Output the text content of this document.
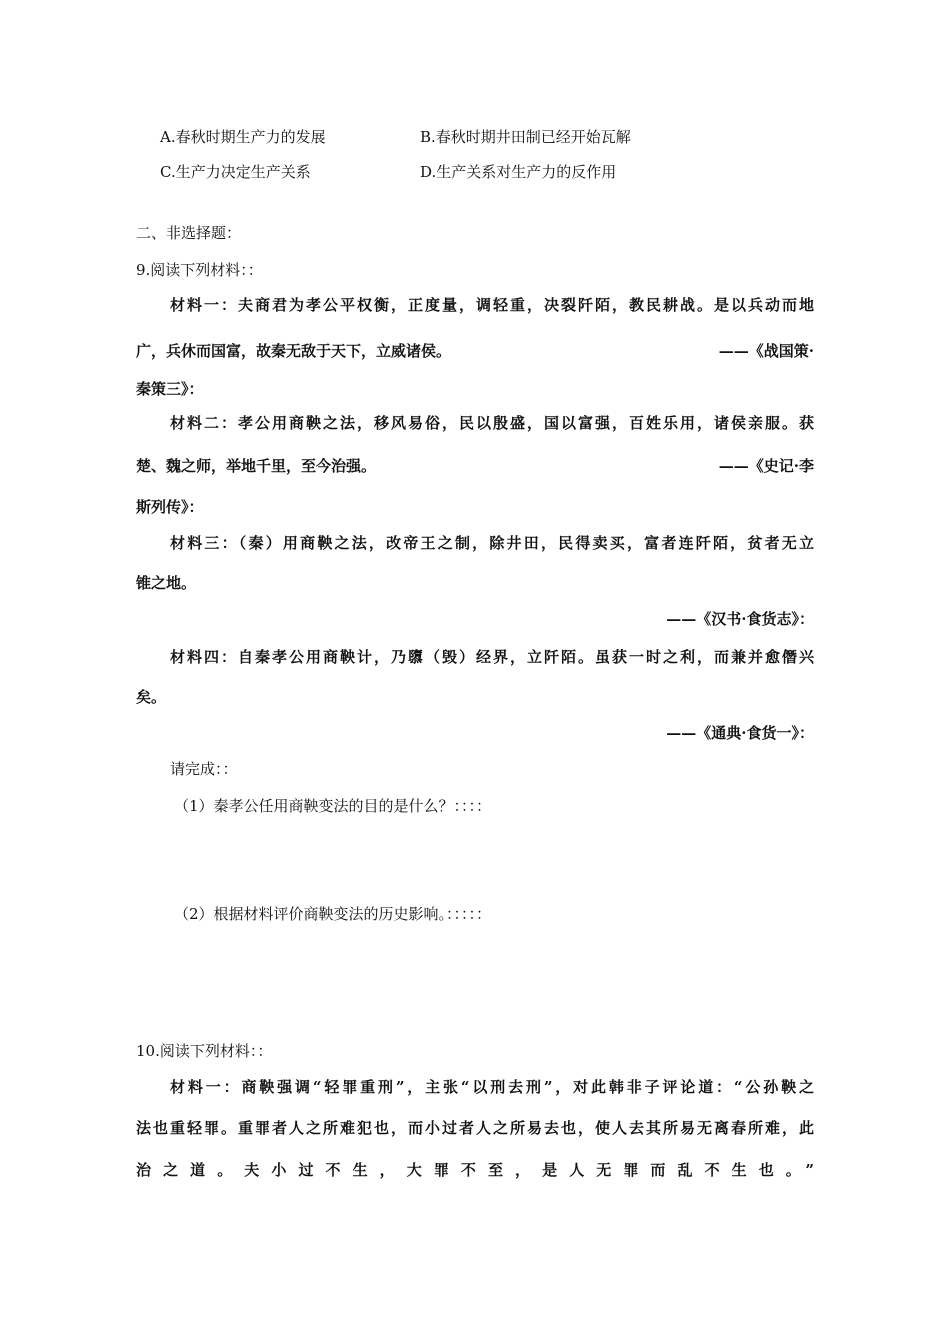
A.春秋时期生产力的发展	B.春秋时期井田制已经开始瓦解
C.生产力决定生产关系	D.生产关系对生产力的反作用
二、非选择题：
9.阅读下列材料：：
材料一：夫商君为孝公平权衡，正度量，调轻重，决裂阡陌，教民耕战。是以兵动而地
广，兵休而国富，故秦无敌于天下，立威诸侯。	——《战国策·
秦策三》：
材料二：孝公用商鞅之法，移风易俗，民以殷盛，国以富强，百姓乐用，诸侯亲服。获
楚、魏之师，举地千里，至今治强。	——《史记·李
斯列传》：
材料三：（秦）用商鞅之法，改帝王之制，除井田，民得卖买，富者连阡陌，贫者无立
锥之地。
——《汉书·食货志》：
材料四：自秦孝公用商鞅计，乃隳（毁）经界，立阡陌。虽获一时之利，而兼并愈僭兴
矣。
——《通典·食货一》：
请完成：：
（1）秦孝公任用商鞅变法的目的是什么？：：：：
（2）根据材料评价商鞅变法的历史影响。：：：：：
10.阅读下列材料：：
材料一：商鞅强调“轻罪重刑”，主张“以刑去刑”，对此韩非子评论道：“公孙鞅之
法也重轻罪。重罪者人之所难犯也，而小过者人之所易去也，使人去其所易无离春所难，此
治之道。夫小过不生，大罪不至，是人无罪而乱不生也。”
